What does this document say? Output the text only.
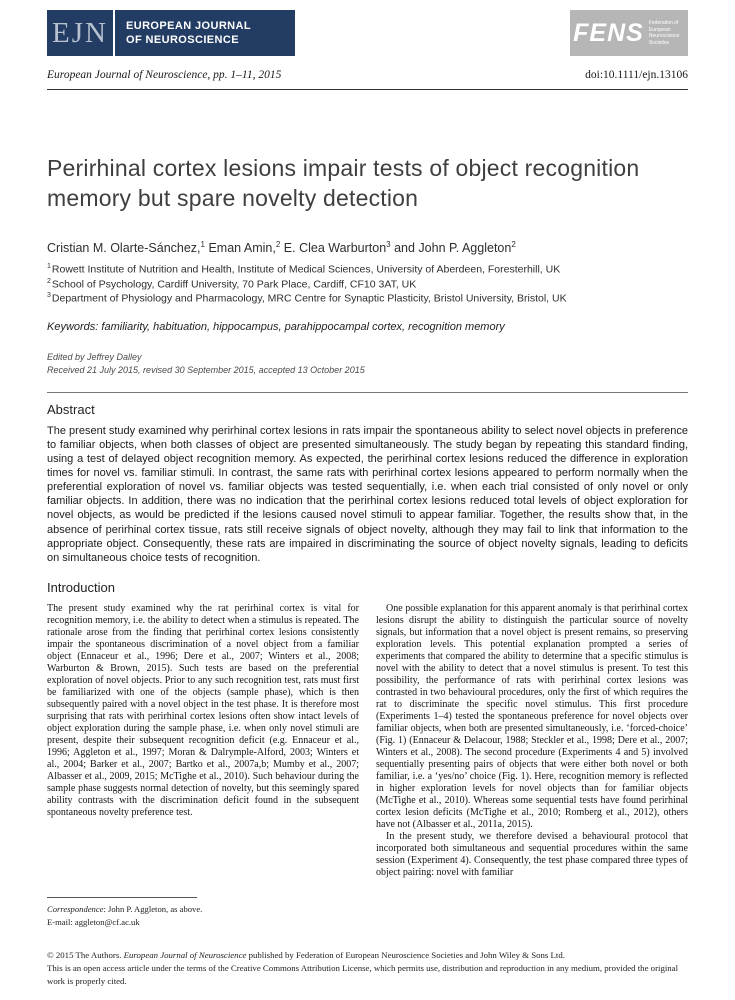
EJN EUROPEAN JOURNAL
OF NEUROSCIENCE	FENS Federation of European Neuroscience Societies
European Journal of Neuroscience, pp. 1–11, 2015	doi:10.1111/ejn.13106
Perirhinal cortex lesions impair tests of object recognition memory but spare novelty detection
Cristian M. Olarte-Sánchez,$^1$ Eman Amin,$^2$ E. Clea Warburton$^3$ and John P. Aggleton$^2$
$^1$Rowett Institute of Nutrition and Health, Institute of Medical Sciences, University of Aberdeen, Foresterhill, UK
$^2$School of Psychology, Cardiff University, 70 Park Place, Cardiff, CF10 3AT, UK
$^3$Department of Physiology and Pharmacology, MRC Centre for Synaptic Plasticity, Bristol University, Bristol, UK
Keywords: familiarity, habituation, hippocampus, parahippocampal cortex, recognition memory
Edited by Jeffrey Dalley
Received 21 July 2015, revised 30 September 2015, accepted 13 October 2015
Abstract

The present study examined why perirhinal cortex lesions in rats impair the spontaneous ability to select novel objects in preference to familiar objects, when both classes of object are presented simultaneously. The study began by repeating this standard finding, using a test of delayed object recognition memory. As expected, the perirhinal cortex lesions reduced the difference in exploration times for novel vs. familiar stimuli. In contrast, the same rats with perirhinal cortex lesions appeared to perform normally when the preferential exploration of novel vs. familiar objects was tested sequentially, i.e. when each trial consisted of only novel or only familiar objects. In addition, there was no indication that the perirhinal cortex lesions reduced total levels of object exploration for novel objects, as would be predicted if the lesions caused novel stimuli to appear familiar. Together, the results show that, in the absence of perirhinal cortex tissue, rats still receive signals of object novelty, although they may fail to link that information to the appropriate object. Consequently, these rats are impaired in discriminating the source of object novelty signals, leading to deficits on simultaneous choice tests of recognition.

Introduction

The present study examined why the rat perirhinal cortex is vital for recognition memory, i.e. the ability to detect when a stimulus is repeated. The rationale arose from the finding that perirhinal cortex lesions consistently impair the spontaneous discrimination of a novel object from a familiar object (Ennaceur et al., 1996; Dere et al., 2007; Winters et al., 2008; Warburton & Brown, 2015). Such tests are based on the preferential exploration of novel objects. Prior to any such recognition test, rats must first be familiarized with one of the objects (sample phase), which is then subsequently paired with a novel object in the test phase. It is therefore most surprising that rats with perirhinal cortex lesions often show intact levels of object exploration during the sample phase, i.e. when only novel stimuli are present, despite their subsequent recognition deficit (e.g. Ennaceur et al., 1996; Aggleton et al., 1997; Moran & Dalrymple-Alford, 2003; Winters et al., 2004; Barker et al., 2007; Bartko et al., 2007a,b; Mumby et al., 2007; Albasser et al., 2009, 2015; McTighe et al., 2010). Such behaviour during the sample phase suggests normal detection of novelty, but this seemingly spared ability contrasts with the discrimination deficit found in the subsequent spontaneous novelty preference test.

One possible explanation for this apparent anomaly is that perirhinal cortex lesions disrupt the ability to distinguish the particular source of novelty signals, but information that a novel object is present remains, so preserving exploration levels. This potential explanation prompted a series of experiments that compared the ability to determine that a specific stimulus is novel with the ability to detect that a novel stimulus is present. To test this possibility, the performance of rats with perirhinal cortex lesions was contrasted in two behavioural procedures, only the first of which requires the rat to discriminate the specific novel stimulus. This first procedure (Experiments 1–4) tested the spontaneous preference for novel objects over familiar objects, when both are presented simultaneously, i.e. ‘forced-choice’ (Fig. 1) (Ennaceur & Delacour, 1988; Steckler et al., 1998; Dere et al., 2007; Winters et al., 2008). The second procedure (Experiments 4 and 5) involved sequentially presenting pairs of objects that were either both novel or both familiar, i.e. a ‘yes/no’ choice (Fig. 1). Here, recognition memory is reflected in higher exploration levels for novel objects than for familiar objects (McTighe et al., 2010). Whereas some sequential tests have found perirhinal cortex lesion deficits (McTighe et al., 2010; Romberg et al., 2012), others have not (Albasser et al., 2011a, 2015).

In the present study, we therefore devised a behavioural protocol that incorporated both simultaneous and sequential procedures within the same session (Experiment 4). Consequently, the test phase compared three types of object pairing: novel with familiar

Correspondence: John P. Aggleton, as above.
E-mail: aggleton@cf.ac.uk
© 2015 The Authors. European Journal of Neuroscience published by Federation of European Neuroscience Societies and John Wiley & Sons Ltd.
This is an open access article under the terms of the Creative Commons Attribution License, which permits use, distribution and reproduction in any medium, provided the original work is properly cited.
